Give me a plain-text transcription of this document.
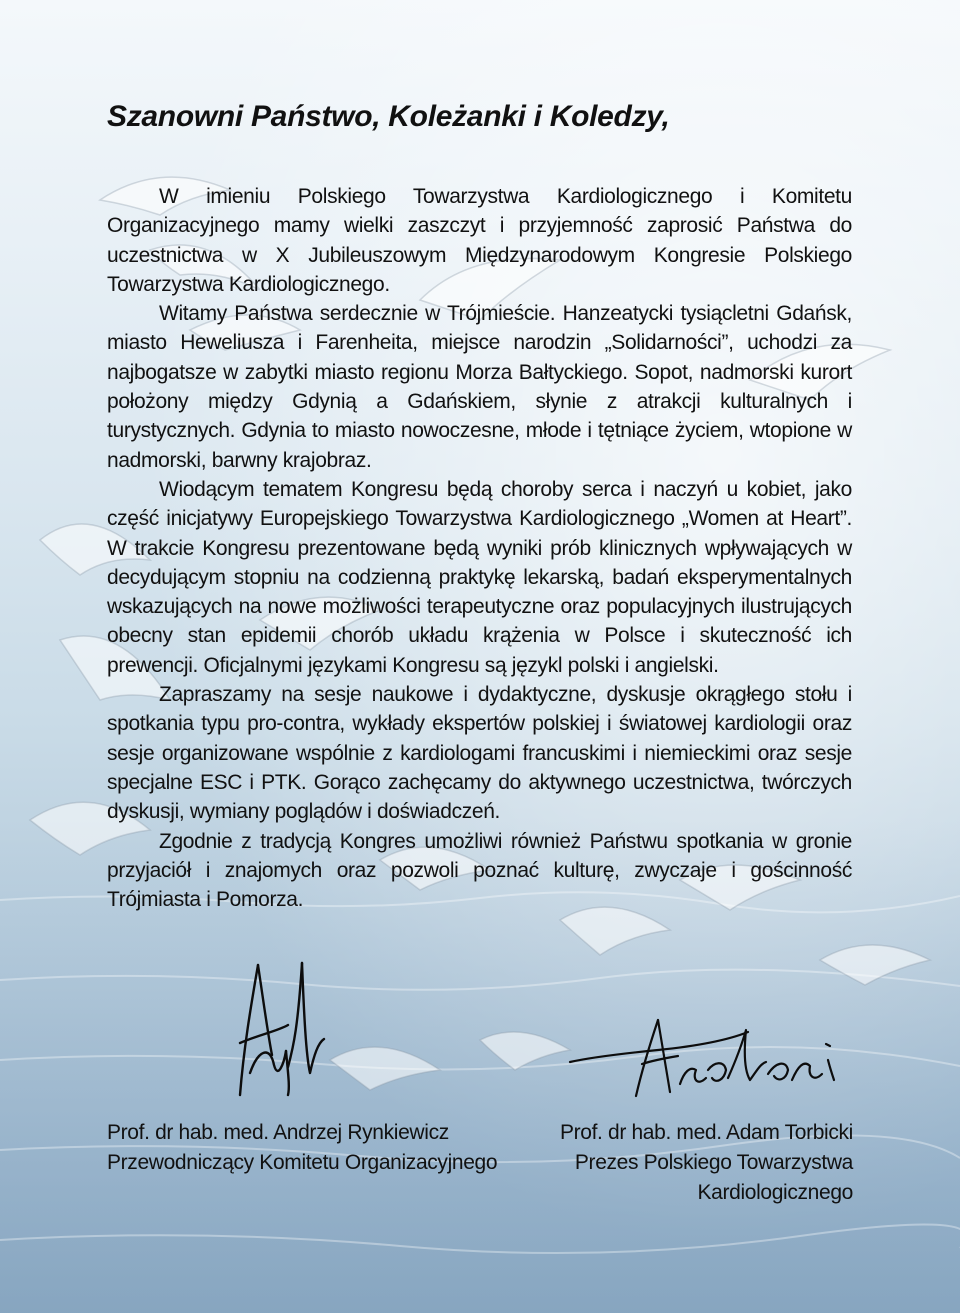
Szanowni Państwo, Koleżanki i Koledzy,

W imieniu Polskiego Towarzystwa Kardiologicznego i Komitetu Organizacyjnego mamy wielki zaszczyt i przyjemność zaprosić Państwa do uczestnictwa w X Jubileuszowym Międzynarodowym Kongresie Polskiego Towarzystwa Kardiologicznego.

Witamy Państwa serdecznie w Trójmieście. Hanzeatycki tysiącletni Gdańsk, miasto Heweliusza i Farenheita, miejsce narodzin „Solidarności”, uchodzi za najbogatsze w zabytki miasto regionu Morza Bałtyckiego. Sopot, nadmorski kurort położony między Gdynią a Gdańskiem, słynie z atrakcji kulturalnych i turystycznych. Gdynia to miasto nowoczesne, młode i tętniące życiem, wtopione w nadmorski, barwny krajobraz.

Wiodącym tematem Kongresu będą choroby serca i naczyń u kobiet, jako część inicjatywy Europejskiego Towarzystwa Kardiologicznego „Women at Heart”. W trakcie Kongresu prezentowane będą wyniki prób klinicznych wpływających w decydującym stopniu na codzienną praktykę lekarską, badań eksperymentalnych wskazujących na nowe możliwości terapeutyczne oraz populacyjnych ilustrujących obecny stan epidemii chorób układu krążenia w Polsce i skuteczność ich prewencji. Oficjalnymi językami Kongresu są językl polski i angielski.

Zapraszamy na sesje naukowe i dydaktyczne, dyskusje okrągłego stołu i spotkania typu pro-contra, wykłady ekspertów polskiej i światowej kardiologii oraz sesje organizowane wspólnie z kardiologami francuskimi i niemieckimi oraz sesje specjalne ESC i PTK. Gorąco zachęcamy do aktywnego uczestnictwa, twórczych dyskusji, wymiany poglądów i doświadczeń.

Zgodnie z tradycją Kongres umożliwi również Państwu spotkania w gronie przyjaciół i znajomych oraz pozwoli poznać kulturę, zwyczaje i gościnność Trójmiasta i Pomorza.

Prof. dr hab. med. Andrzej Rynkiewicz
Przewodniczący Komitetu Organizacyjnego
Prof. dr hab. med. Adam Torbicki
Prezes Polskiego Towarzystwa
Kardiologicznego
